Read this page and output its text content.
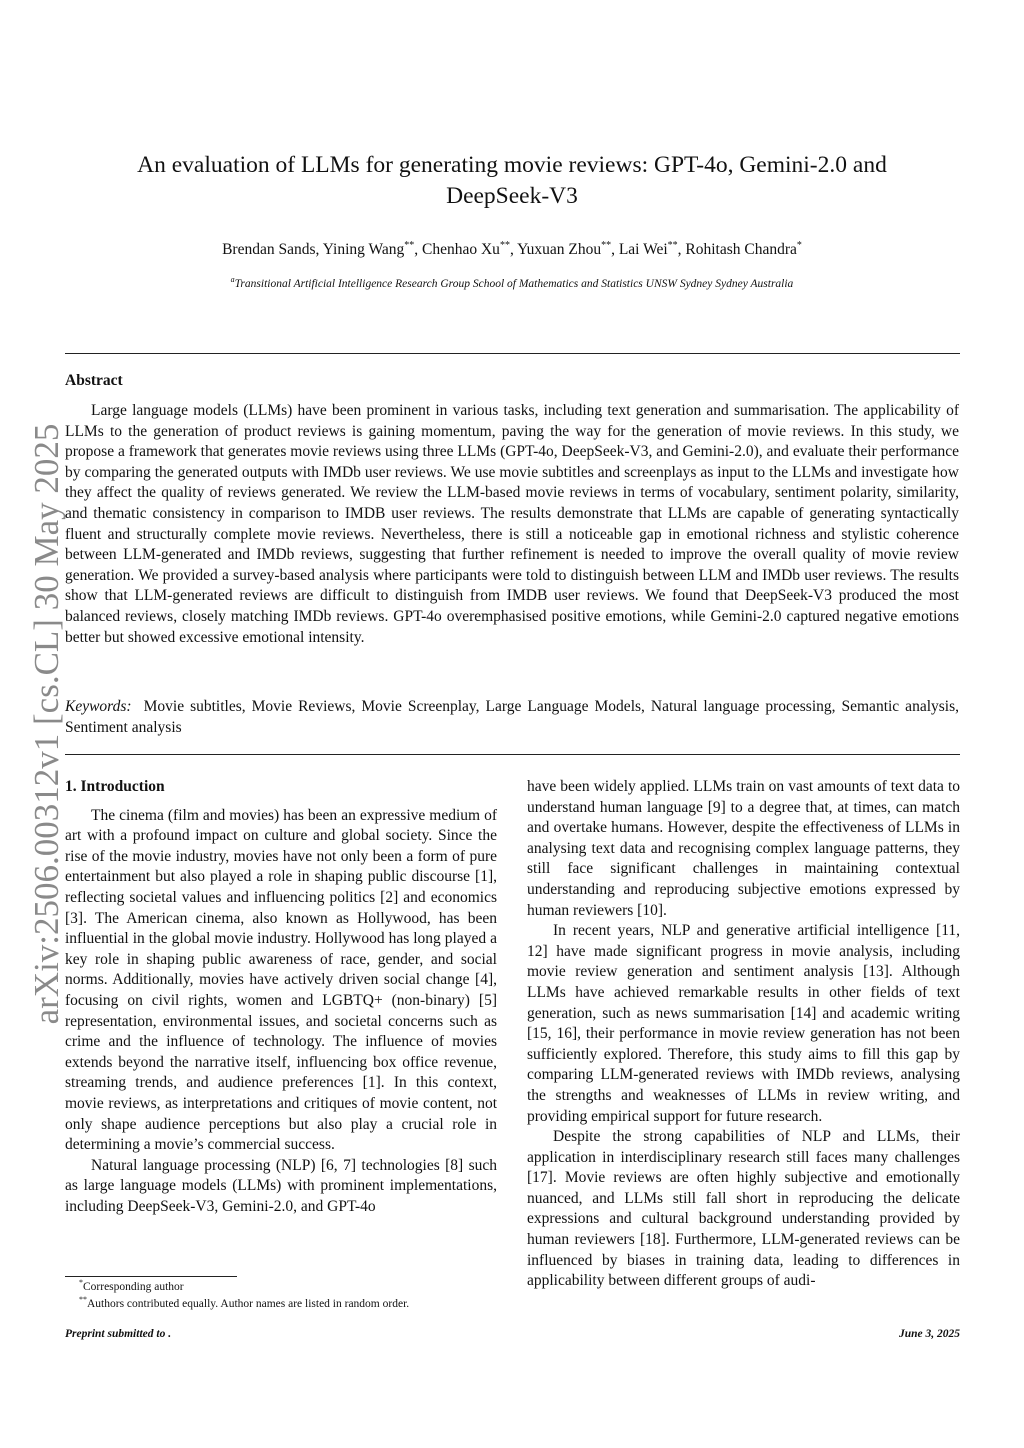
arXiv:2506.00312v1 [cs.CL] 30 May 2025
An evaluation of LLMs for generating movie reviews: GPT-4o, Gemini-2.0 and
DeepSeek-V3
Brendan Sands, Yining Wang**, Chenhao Xu**, Yuxuan Zhou**, Lai Wei**, Rohitash Chandra*
$^a$Transitional Artificial Intelligence Research Group School of Mathematics and Statistics UNSW Sydney Sydney Australia
Abstract

Large language models (LLMs) have been prominent in various tasks, including text generation and summarisation. The applicability of LLMs to the generation of product reviews is gaining momentum, paving the way for the generation of movie reviews. In this study, we propose a framework that generates movie reviews using three LLMs (GPT-4o, DeepSeek-V3, and Gemini-2.0), and evaluate their performance by comparing the generated outputs with IMDb user reviews. We use movie subtitles and screenplays as input to the LLMs and investigate how they affect the quality of reviews generated. We review the LLM-based movie reviews in terms of vocabulary, sentiment polarity, similarity, and thematic consistency in comparison to IMDB user reviews. The results demonstrate that LLMs are capable of generating syntactically fluent and structurally complete movie reviews. Nevertheless, there is still a noticeable gap in emotional richness and stylistic coherence between LLM-generated and IMDb reviews, suggesting that further refinement is needed to improve the overall quality of movie review generation. We provided a survey-based analysis where participants were told to distinguish between LLM and IMDb user reviews. The results show that LLM-generated reviews are difficult to distinguish from IMDB user reviews. We found that DeepSeek-V3 produced the most balanced reviews, closely matching IMDb reviews. GPT-4o overemphasised positive emotions, while Gemini-2.0 captured negative emotions better but showed excessive emotional intensity.

Keywords: Movie subtitles, Movie Reviews, Movie Screenplay, Large Language Models, Natural language processing, Semantic analysis, Sentiment analysis

1. Introduction

The cinema (film and movies) has been an expressive medium of art with a profound impact on culture and global society. Since the rise of the movie industry, movies have not only been a form of pure entertainment but also played a role in shaping public discourse [1], reflecting societal values and influencing politics [2] and economics [3]. The American cinema, also known as Hollywood, has been influential in the global movie industry. Hollywood has long played a key role in shaping public awareness of race, gender, and social norms. Additionally, movies have actively driven social change [4], focusing on civil rights, women and LGBTQ+ (non-binary) [5] representation, environmental issues, and societal concerns such as crime and the influence of technology. The influence of movies extends beyond the narrative itself, influencing box office revenue, streaming trends, and audience preferences [1]. In this context, movie reviews, as interpretations and critiques of movie content, not only shape audience perceptions but also play a crucial role in determining a movie’s commercial success.

Natural language processing (NLP) [6, 7] technologies [8] such as large language models (LLMs) with prominent implementations, including DeepSeek-V3, Gemini-2.0, and GPT-4o

have been widely applied. LLMs train on vast amounts of text data to understand human language [9] to a degree that, at times, can match and overtake humans. However, despite the effectiveness of LLMs in analysing text data and recognising complex language patterns, they still face significant challenges in maintaining contextual understanding and reproducing subjective emotions expressed by human reviewers [10].

In recent years, NLP and generative artificial intelligence [11, 12] have made significant progress in movie analysis, including movie review generation and sentiment analysis [13]. Although LLMs have achieved remarkable results in other fields of text generation, such as news summarisation [14] and academic writing [15, 16], their performance in movie review generation has not been sufficiently explored. Therefore, this study aims to fill this gap by comparing LLM-generated reviews with IMDb reviews, analysing the strengths and weaknesses of LLMs in review writing, and providing empirical support for future research.

Despite the strong capabilities of NLP and LLMs, their application in interdisciplinary research still faces many challenges [17]. Movie reviews are often highly subjective and emotionally nuanced, and LLMs still fall short in reproducing the delicate expressions and cultural background understanding provided by human reviewers [18]. Furthermore, LLM-generated reviews can be influenced by biases in training data, leading to differences in applicability between different groups of audi-

*Corresponding author
**Authors contributed equally. Author names are listed in random order.
Preprint submitted to .	June 3, 2025
